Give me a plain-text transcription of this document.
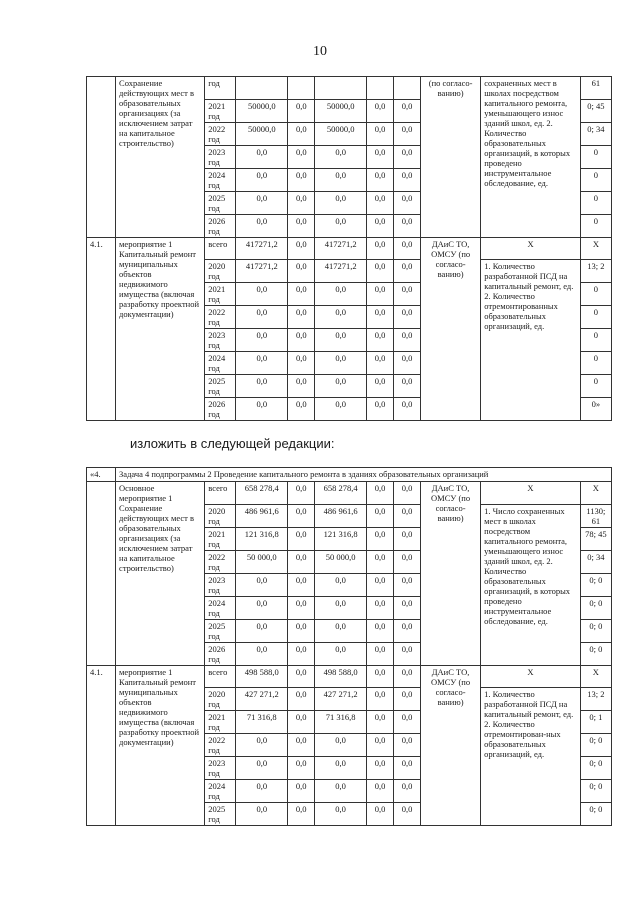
10
	Сохранение действующих мест в образовательных организациях (за исключением затрат на капитальное строительство)	год						(по согласо-ванию)	сохраненных мест в школах посредством капитального ремонта, уменьшающего износ зданий школ, ед. 2. Количество образовательных организаций, в которых проведено инструментальное обследование, ед.	61
		2021 год	50000,0	0,0	50000,0	0,0	0,0			0; 45
		2022 год	50000,0	0,0	50000,0	0,0	0,0			0; 34
		2023 год	0,0	0,0	0,0	0,0	0,0			0
		2024 год	0,0	0,0	0,0	0,0	0,0			0
		2025 год	0,0	0,0	0,0	0,0	0,0			0
		2026 год	0,0	0,0	0,0	0,0	0,0			0
4.1.	мероприятие 1 Капитальный ремонт муниципальных объектов недвижимого имущества (включая разработку проектной документации)	всего	417271,2	0,0	417271,2	0,0	0,0	ДАиС ТО, ОМСУ (по согласо-ванию)	X	X
		2020 год	417271,2	0,0	417271,2	0,0	0,0		1. Количество разработанной ПСД на капитальный ремонт, ед. 2. Количество отремонтированных образовательных организаций, ед.	13; 2
		2021 год	0,0	0,0	0,0	0,0	0,0			0
		2022 год	0,0	0,0	0,0	0,0	0,0			0
		2023 год	0,0	0,0	0,0	0,0	0,0			0
		2024 год	0,0	0,0	0,0	0,0	0,0			0
		2025 год	0,0	0,0	0,0	0,0	0,0			0
		2026 год	0,0	0,0	0,0	0,0	0,0			0»
изложить в следующей редакции:
«4.	Задача 4 подпрограммы 2 Проведение капитального ремонта в зданиях образовательных организаций									
	Основное мероприятие 1 Сохранение действующих мест в образовательных организациях (за исключением затрат на капитальное строительство)	всего	658 278,4	0,0	658 278,4	0,0	0,0	ДАиС ТО, ОМСУ (по согласо-ванию)	X	X
		2020 год	486 961,6	0,0	486 961,6	0,0	0,0		1. Число сохраненных мест в школах посредством капитального ремонта, уменьшающего износ зданий школ, ед. 2. Количество образовательных организаций, в которых проведено инструментальное обследование, ед.	1130; 61
		2021 год	121 316,8	0,0	121 316,8	0,0	0,0			78; 45
		2022 год	50 000,0	0,0	50 000,0	0,0	0,0			0; 34
		2023 год	0,0	0,0	0,0	0,0	0,0			0; 0
		2024 год	0,0	0,0	0,0	0,0	0,0			0; 0
		2025 год	0,0	0,0	0,0	0,0	0,0			0; 0
		2026 год	0,0	0,0	0,0	0,0	0,0			0; 0
4.1.	мероприятие 1 Капитальный ремонт муниципальных объектов недвижимого имущества (включая разработку проектной документации)	всего	498 588,0	0,0	498 588,0	0,0	0,0	ДАиС ТО, ОМСУ (по согласо-ванию)	X	X
		2020 год	427 271,2	0,0	427 271,2	0,0	0,0		1. Количество разработанной ПСД на капитальный ремонт, ед. 2. Количество отремонтирован-ных образовательных организаций, ед.	13; 2
		2021 год	71 316,8	0,0	71 316,8	0,0	0,0			0; 1
		2022 год	0,0	0,0	0,0	0,0	0,0			0; 0
		2023 год	0,0	0,0	0,0	0,0	0,0			0; 0
		2024 год	0,0	0,0	0,0	0,0	0,0			0; 0
		2025 год	0,0	0,0	0,0	0,0	0,0			0; 0
